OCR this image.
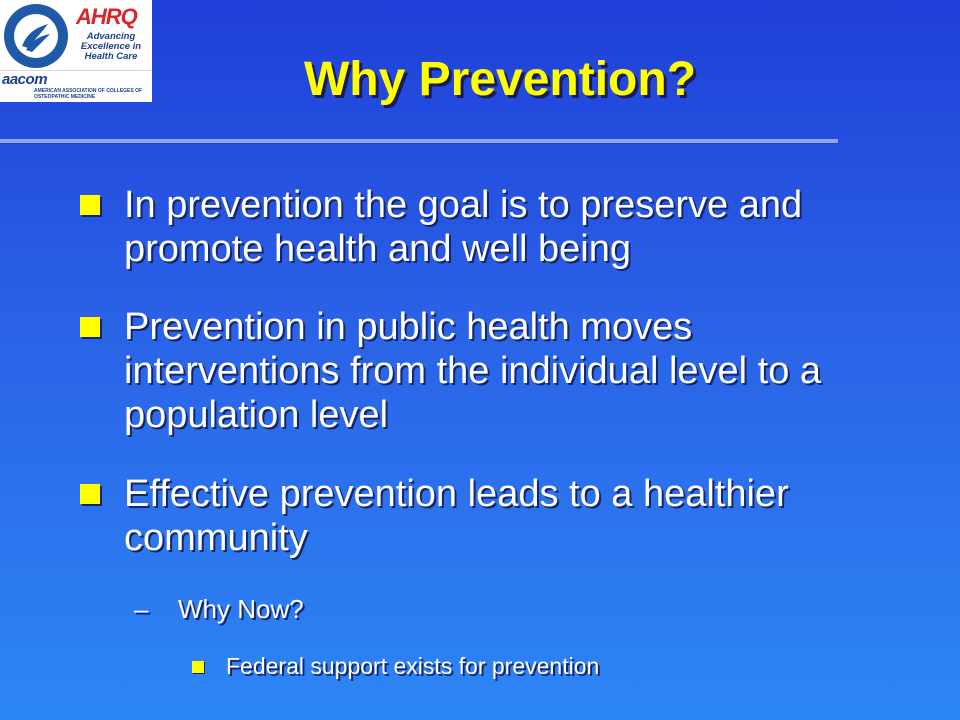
AHRQ
Advancing Excellence in Health Care
aacom
AMERICAN ASSOCIATION OF COLLEGES OF OSTEOPATHIC MEDICINE	Why Prevention?
In prevention the goal is to preserve and promote health and well being
Prevention in public health moves interventions from the individual level to a population level
Effective prevention leads to a healthier community
– Why Now?
Federal support exists for prevention
